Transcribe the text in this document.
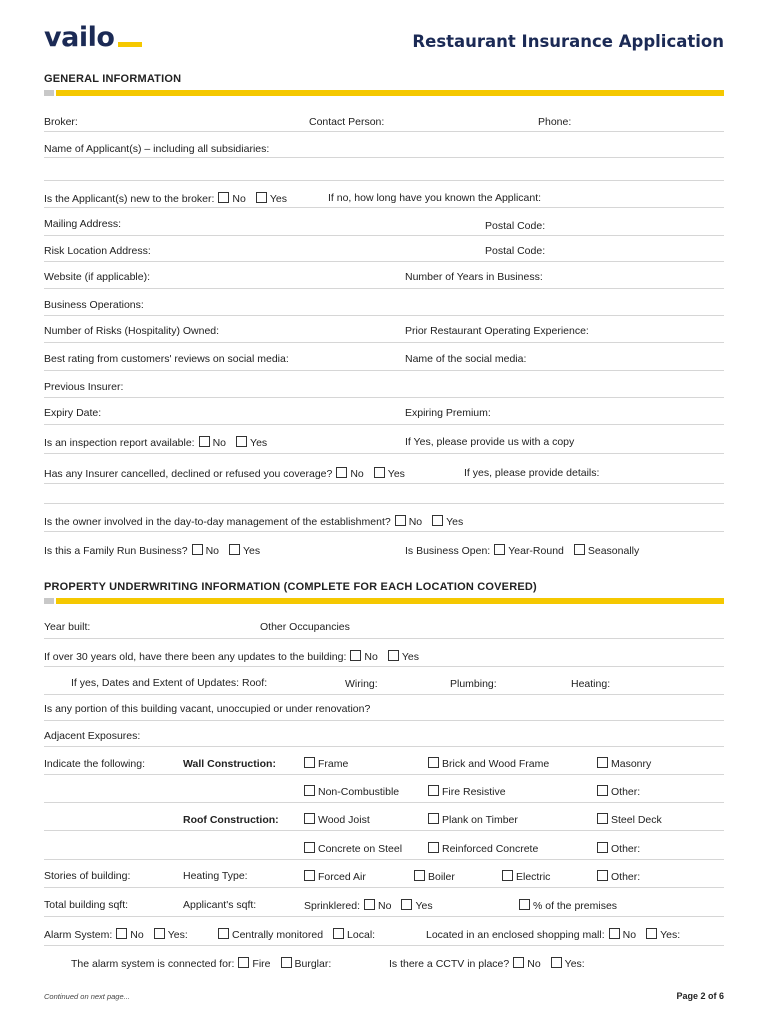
vailo	Restaurant Insurance Application
GENERAL INFORMATION
Broker:	Contact Person:	Phone:
Name of Applicant(s) – including all subsidiaries:
Is the Applicant(s) new to the broker: No Yes	If no, how long have you known the Applicant:
Mailing Address:	Postal Code:
Risk Location Address:	Postal Code:
Website (if applicable):	Number of Years in Business:
Business Operations:
Number of Risks (Hospitality) Owned:	Prior Restaurant Operating Experience:
Best rating from customers' reviews on social media:	Name of the social media:
Previous Insurer:
Expiry Date:	Expiring Premium:
Is an inspection report available: No Yes	If Yes, please provide us with a copy
Has any Insurer cancelled, declined or refused you coverage? No Yes	If yes, please provide details:
Is the owner involved in the day-to-day management of the establishment? No Yes
Is this a Family Run Business? No Yes	Is Business Open: Year-Round Seasonally
PROPERTY UNDERWRITING INFORMATION (COMPLETE FOR EACH LOCATION COVERED)
Year built:	Other Occupancies
If over 30 years old, have there been any updates to the building: No Yes
If yes, Dates and Extent of Updates: Roof:	Wiring:	Plumbing:	Heating:
Is any portion of this building vacant, unoccupied or under renovation?
Adjacent Exposures:
Indicate the following:	Wall Construction:	Frame	Brick and Wood Frame	Masonry
Non-Combustible	Fire Resistive	Other:
Roof Construction:	Wood Joist	Plank on Timber	Steel Deck
Concrete on Steel	Reinforced Concrete	Other:
Stories of building:	Heating Type:	Forced Air	Boiler	Electric	Other:
Total building sqft:	Applicant's sqft:	Sprinklered: No Yes	% of the premises
Alarm System: No Yes:	Centrally monitored Local:	Located in an enclosed shopping mall: No Yes:
The alarm system is connected for: Fire Burglar:	Is there a CCTV in place? No Yes:
Continued on next page...	Page 2 of 6
